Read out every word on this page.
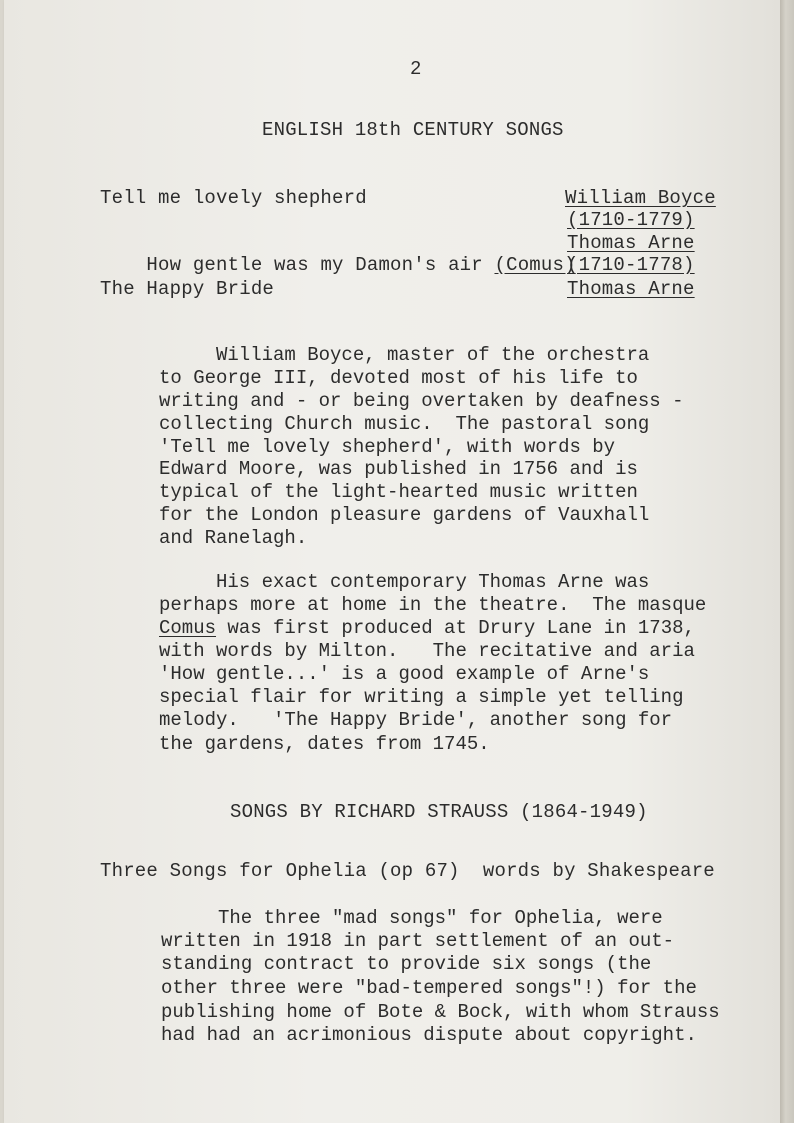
2
ENGLISH 18th CENTURY SONGS
Tell me lovely shepherd	William Boyce
(1710-1779)

How gentle was my Damon's air (Comus)

Thomas Arne
(1710-1778)
The Happy Bride	Thomas Arne
William Boyce, master of the orchestra
to George III, devoted most of his life to
writing and - or being overtaken by deafness -
collecting Church music.  The pastoral song
'Tell me lovely shepherd', with words by
Edward Moore, was published in 1756 and is
typical of the light-hearted music written
for the London pleasure gardens of Vauxhall
and Ranelagh.
His exact contemporary Thomas Arne was
perhaps more at home in the theatre.  The masque
Comus was first produced at Drury Lane in 1738,
with words by Milton.   The recitative and aria
'How gentle...' is a good example of Arne's
special flair for writing a simple yet telling
melody.   'The Happy Bride', another song for
the gardens, dates from 1745.
SONGS BY RICHARD STRAUSS (1864-1949)
Three Songs for Ophelia (op 67)  words by Shakespeare
The three "mad songs" for Ophelia, were
written in 1918 in part settlement of an out-
standing contract to provide six songs (the
other three were "bad-tempered songs"!) for the
publishing home of Bote & Bock, with whom Strauss
had had an acrimonious dispute about copyright.
